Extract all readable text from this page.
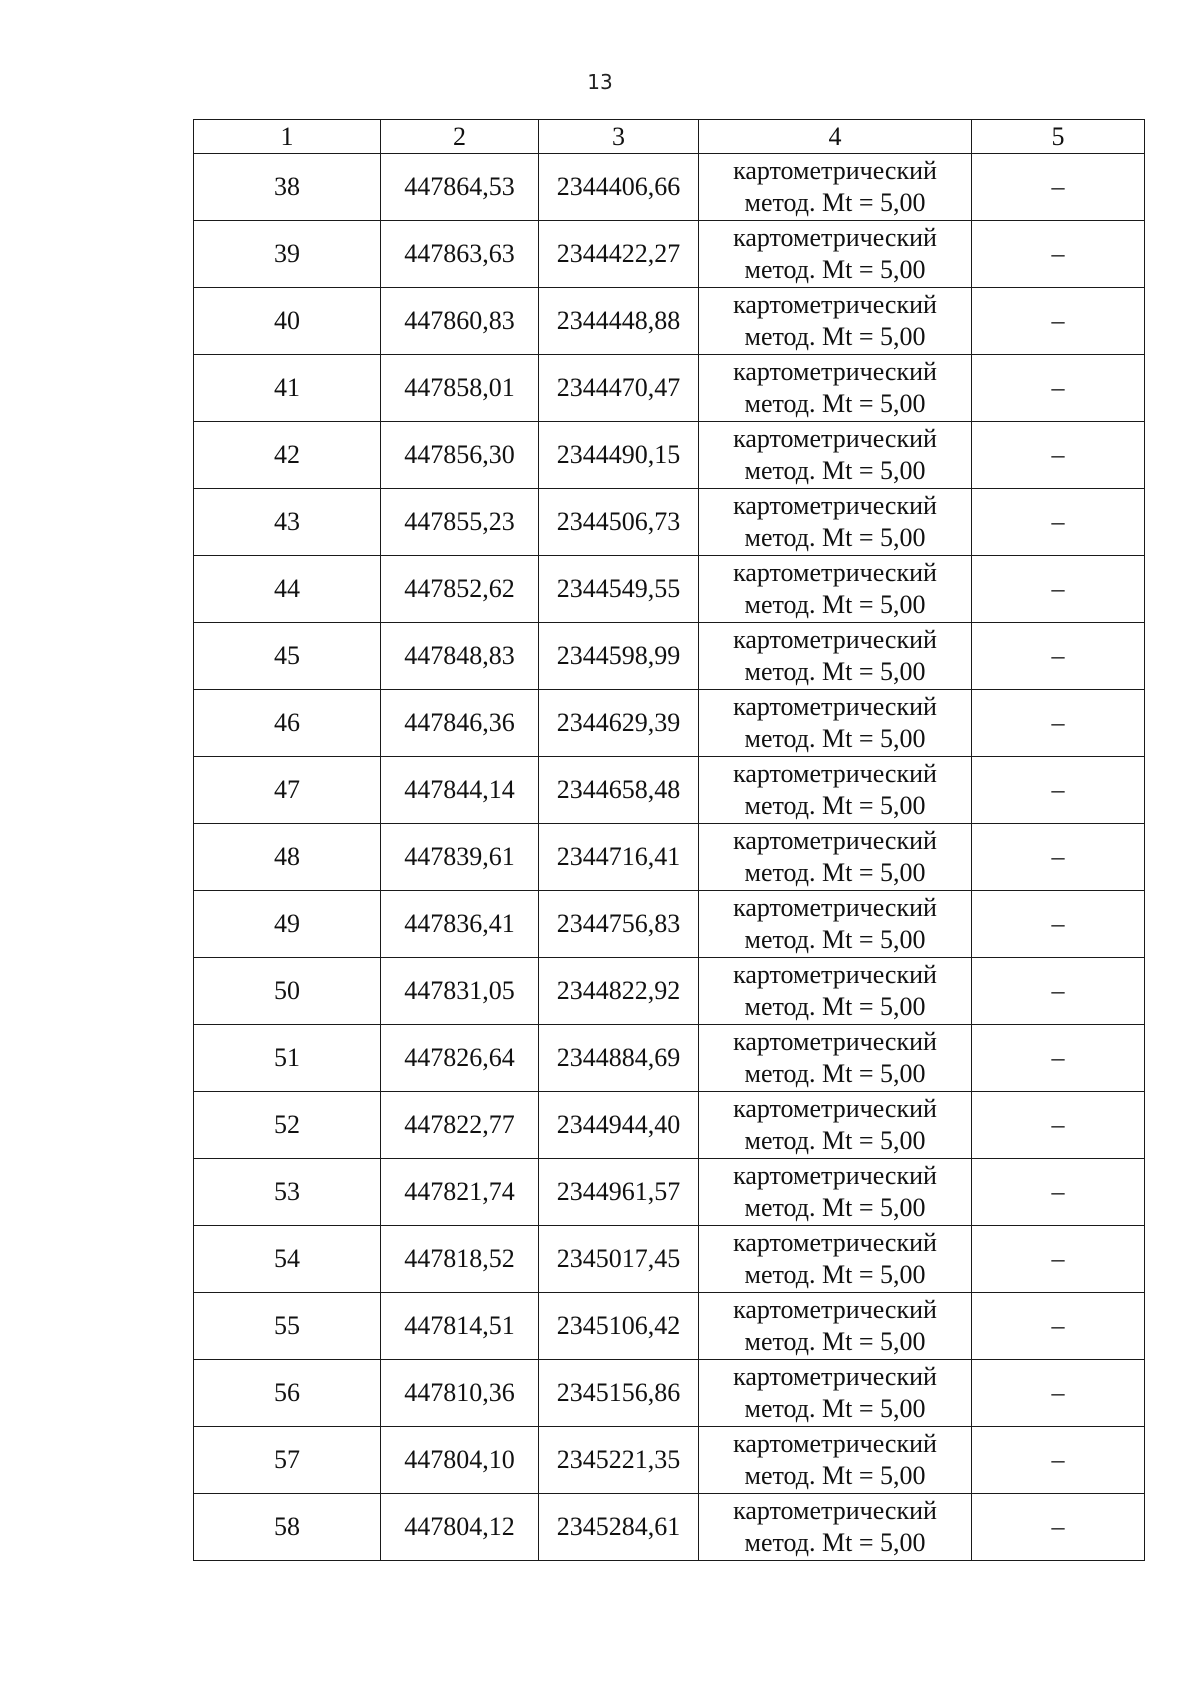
13
1	2	3	4	5
38	447864,53	2344406,66	картометрический
метод. Mt = 5,00	–
39	447863,63	2344422,27	картометрический
метод. Mt = 5,00	–
40	447860,83	2344448,88	картометрический
метод. Mt = 5,00	–
41	447858,01	2344470,47	картометрический
метод. Mt = 5,00	–
42	447856,30	2344490,15	картометрический
метод. Mt = 5,00	–
43	447855,23	2344506,73	картометрический
метод. Mt = 5,00	–
44	447852,62	2344549,55	картометрический
метод. Mt = 5,00	–
45	447848,83	2344598,99	картометрический
метод. Mt = 5,00	–
46	447846,36	2344629,39	картометрический
метод. Mt = 5,00	–
47	447844,14	2344658,48	картометрический
метод. Mt = 5,00	–
48	447839,61	2344716,41	картометрический
метод. Mt = 5,00	–
49	447836,41	2344756,83	картометрический
метод. Mt = 5,00	–
50	447831,05	2344822,92	картометрический
метод. Mt = 5,00	–
51	447826,64	2344884,69	картометрический
метод. Mt = 5,00	–
52	447822,77	2344944,40	картометрический
метод. Mt = 5,00	–
53	447821,74	2344961,57	картометрический
метод. Mt = 5,00	–
54	447818,52	2345017,45	картометрический
метод. Mt = 5,00	–
55	447814,51	2345106,42	картометрический
метод. Mt = 5,00	–
56	447810,36	2345156,86	картометрический
метод. Mt = 5,00	–
57	447804,10	2345221,35	картометрический
метод. Mt = 5,00	–
58	447804,12	2345284,61	картометрический
метод. Mt = 5,00	–
